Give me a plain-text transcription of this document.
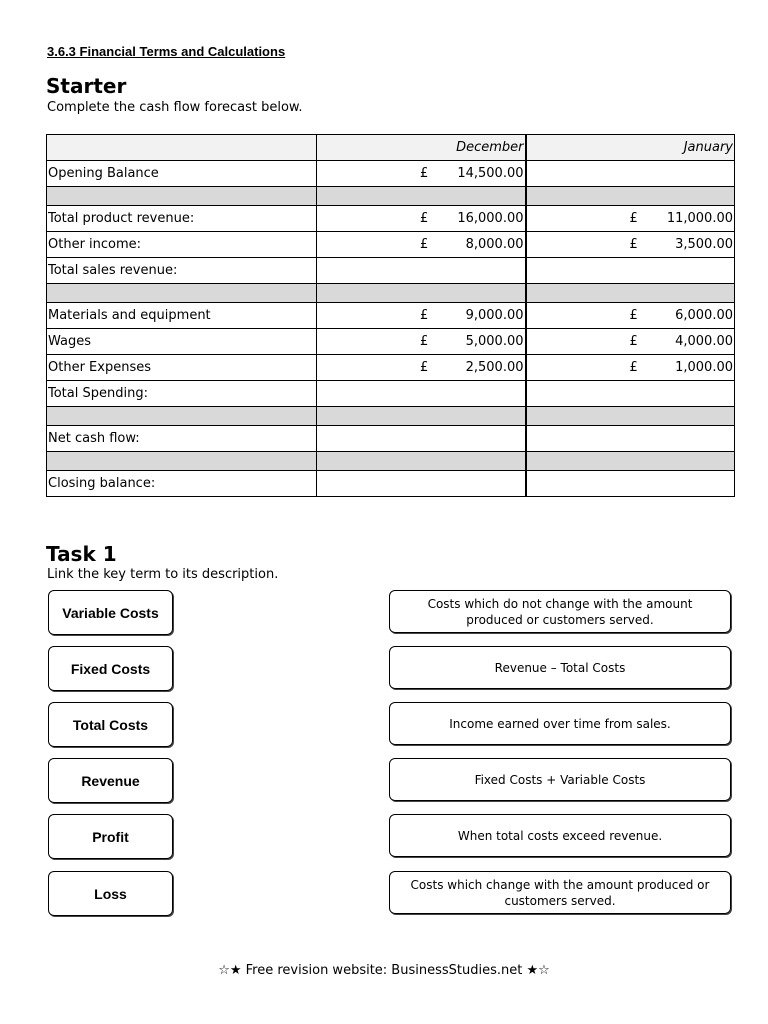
3.6.3 Financial Terms and Calculations
Starter
Complete the cash flow forecast below.
	December	January
Opening Balance	£ 14,500.00	

Total product revenue:	£ 16,000.00	£ 11,000.00

Other income:	£ 8,000.00	£ 3,500.00

Total sales revenue:		

Materials and equipment	£ 9,000.00	£ 6,000.00

Wages	£ 5,000.00	£ 4,000.00

Other Expenses	£ 2,500.00	£ 1,000.00

Total Spending:		

Net cash flow:		

Closing balance:		
Task 1
Link the key term to its description.
Variable Costs
Fixed Costs
Total Costs
Revenue
Profit
Loss
Costs which do not change with the amount produced or customers served.
Revenue – Total Costs
Income earned over time from sales.
Fixed Costs + Variable Costs
When total costs exceed revenue.
Costs which change with the amount produced or customers served.
☆★ Free revision website: BusinessStudies.net ★☆
